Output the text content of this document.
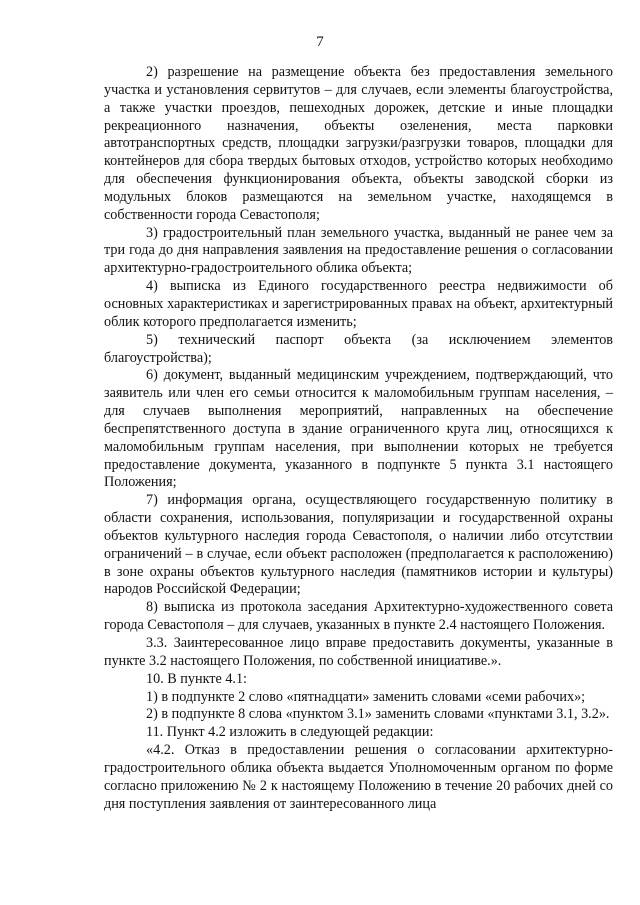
7

2) разрешение на размещение объекта без предоставления земельного участка и установления сервитутов – для случаев, если элементы благоустройства, а также участки проездов, пешеходных дорожек, детские и иные площадки рекреационного назначения, объекты озеленения, места парковки автотранспортных средств, площадки загрузки/разгрузки товаров, площадки для контейнеров для сбора твердых бытовых отходов, устройство которых необходимо для обеспечения функционирования объекта, объекты заводской сборки из модульных блоков размещаются на земельном участке, находящемся в собственности города Севастополя;

3) градостроительный план земельного участка, выданный не ранее чем за три года до дня направления заявления на предоставление решения о согласовании архитектурно-градостроительного облика объекта;

4) выписка из Единого государственного реестра недвижимости об основных характеристиках и зарегистрированных правах на объект, архитектурный облик которого предполагается изменить;

5) технический паспорт объекта (за исключением элементов благоустройства);

6) документ, выданный медицинским учреждением, подтверждающий, что заявитель или член его семьи относится к маломобильным группам населения, – для случаев выполнения мероприятий, направленных на обеспечение беспрепятственного доступа в здание ограниченного круга лиц, относящихся к маломобильным группам населения, при выполнении которых не требуется предоставление документа, указанного в подпункте 5 пункта 3.1 настоящего Положения;

7) информация органа, осуществляющего государственную политику в области сохранения, использования, популяризации и государственной охраны объектов культурного наследия города Севастополя, о наличии либо отсутствии ограничений – в случае, если объект расположен (предполагается к расположению) в зоне охраны объектов культурного наследия (памятников истории и культуры) народов Российской Федерации;

8) выписка из протокола заседания Архитектурно-художественного совета города Севастополя – для случаев, указанных в пункте 2.4 настоящего Положения.

3.3. Заинтересованное лицо вправе предоставить документы, указанные в пункте 3.2 настоящего Положения, по собственной инициативе.».

10. В пункте 4.1:

1) в подпункте 2 слово «пятнадцати» заменить словами «семи рабочих»;

2) в подпункте 8 слова «пунктом 3.1» заменить словами «пунктами 3.1, 3.2».

11. Пункт 4.2 изложить в следующей редакции:

«4.2. Отказ в предоставлении решения о согласовании архитектурно-градостроительного облика объекта выдается Уполномоченным органом по форме согласно приложению № 2 к настоящему Положению в течение 20 рабочих дней со дня поступления заявления от заинтересованного лица
